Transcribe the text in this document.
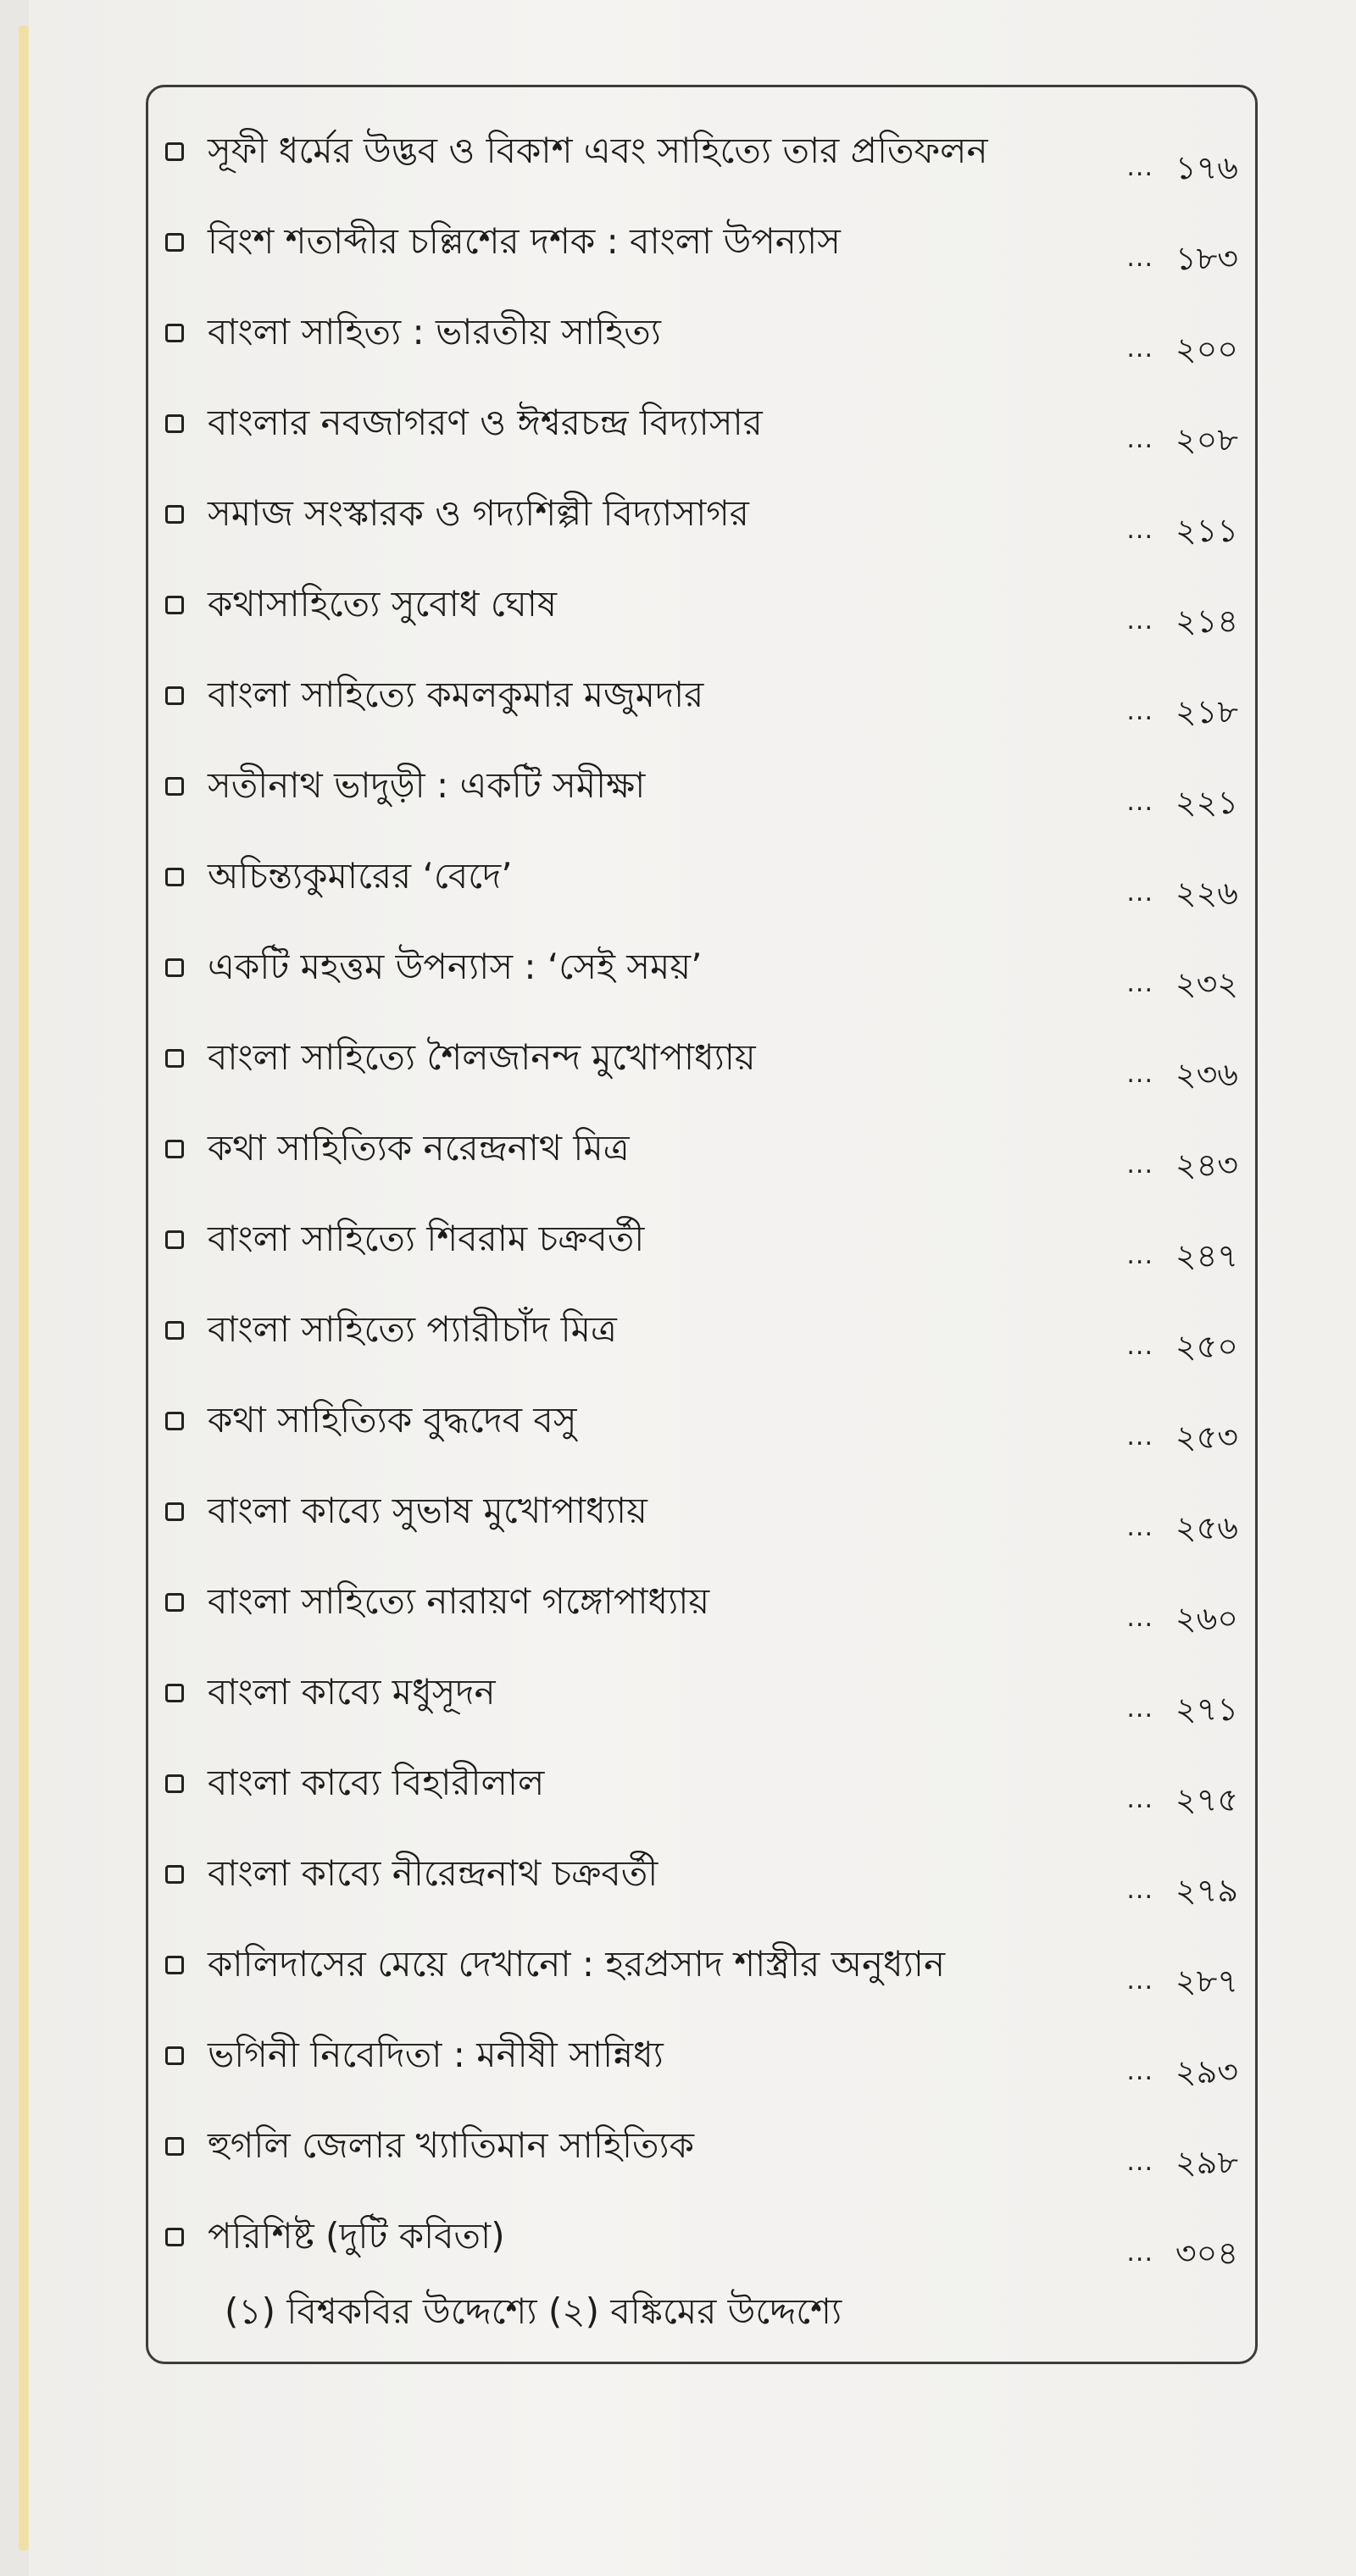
সূফী ধর্মের উদ্ভব ও বিকাশ এবং সাহিত্যে তার প্রতিফলন	... ১৭৬
বিংশ শতাব্দীর চল্লিশের দশক : বাংলা উপন্যাস	... ১৮৩
বাংলা সাহিত্য : ভারতীয় সাহিত্য	... ২০০
বাংলার নবজাগরণ ও ঈশ্বরচন্দ্র বিদ্যাসার	... ২০৮
সমাজ সংস্কারক ও গদ্যশিল্পী বিদ্যাসাগর	... ২১১
কথাসাহিত্যে সুবোধ ঘোষ	... ২১৪
বাংলা সাহিত্যে কমলকুমার মজুমদার	... ২১৮
সতীনাথ ভাদুড়ী : একটি সমীক্ষা	... ২২১
অচিন্ত্যকুমারের ‘বেদে’	... ২২৬
একটি মহত্তম উপন্যাস : ‘সেই সময়’	... ২৩২
বাংলা সাহিত্যে শৈলজানন্দ মুখোপাধ্যায়	... ২৩৬
কথা সাহিত্যিক নরেন্দ্রনাথ মিত্র	... ২৪৩
বাংলা সাহিত্যে শিবরাম চক্রবর্তী	... ২৪৭
বাংলা সাহিত্যে প্যারীচাঁদ মিত্র	... ২৫০
কথা সাহিত্যিক বুদ্ধদেব বসু	... ২৫৩
বাংলা কাব্যে সুভাষ মুখোপাধ্যায়	... ২৫৬
বাংলা সাহিত্যে নারায়ণ গঙ্গোপাধ্যায়	... ২৬০
বাংলা কাব্যে মধুসূদন	... ২৭১
বাংলা কাব্যে বিহারীলাল	... ২৭৫
বাংলা কাব্যে নীরেন্দ্রনাথ চক্রবর্তী	... ২৭৯
কালিদাসের মেয়ে দেখানো : হরপ্রসাদ শাস্ত্রীর অনুধ্যান	... ২৮৭
ভগিনী নিবেদিতা : মনীষী সান্নিধ্য	... ২৯৩
হুগলি জেলার খ্যাতিমান সাহিত্যিক	... ২৯৮
পরিশিষ্ট (দুটি কবিতা)	... ৩০৪
(১) বিশ্বকবির উদ্দেশ্যে (২) বঙ্কিমের উদ্দেশ্যে
